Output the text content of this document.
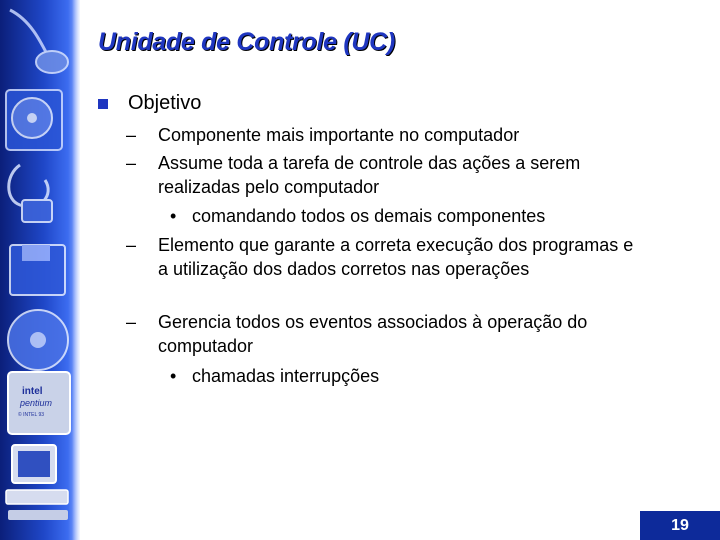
intel
pentium
© INTEL 93
Unidade de Controle (UC)
Objetivo
– Componente mais importante no computador
– Assume toda a tarefa de controle das ações a serem realizadas pelo computador
• comandando todos os demais componentes
– Elemento que garante a correta execução dos programas e a utilização dos dados corretos nas operações
– Gerencia todos os eventos associados à operação do computador
• chamadas interrupções
19
